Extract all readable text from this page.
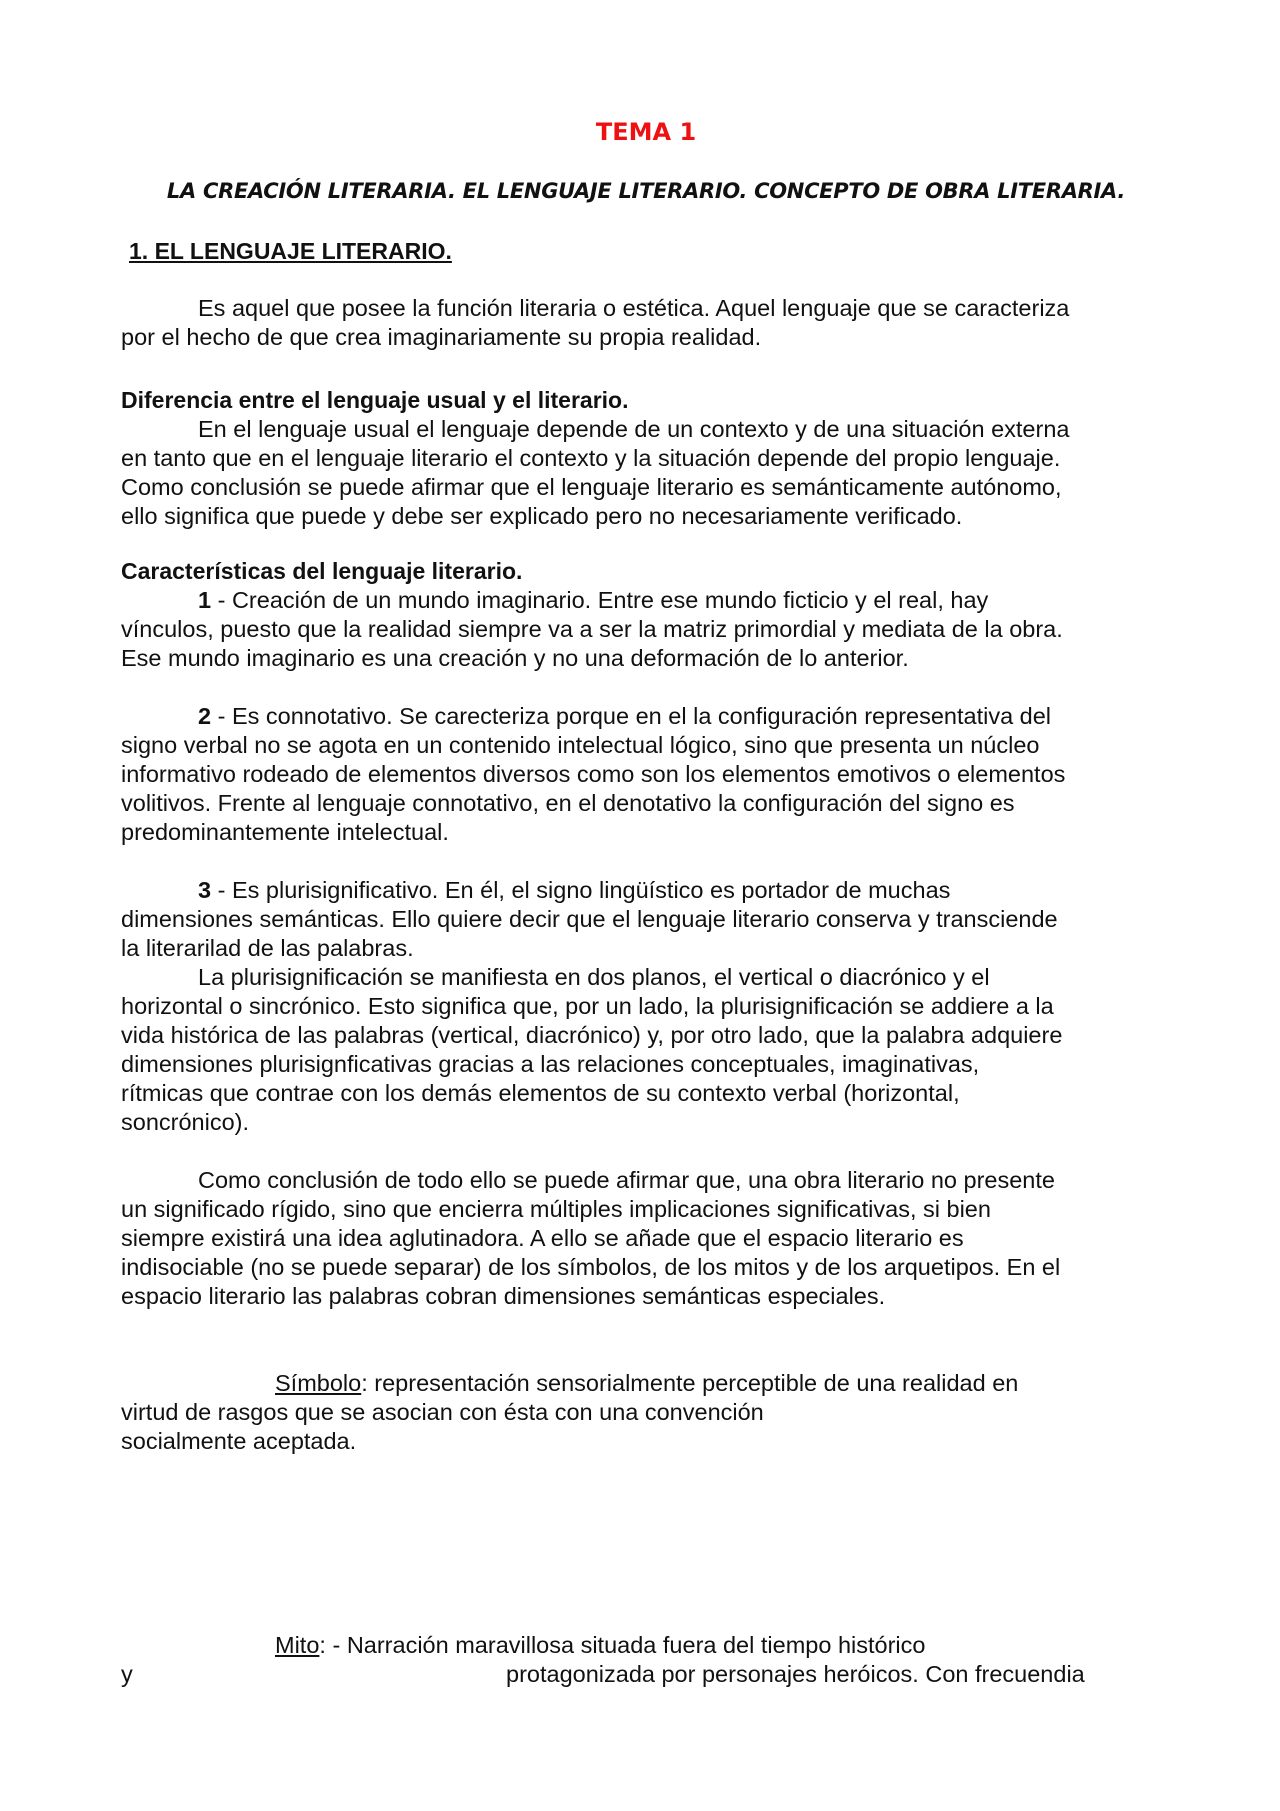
TEMA 1
LA CREACIÓN LITERARIA. EL LENGUAJE LITERARIO. CONCEPTO DE OBRA LITERARIA.
1. EL LENGUAJE LITERARIO.
Es aquel que posee la función literaria o estética. Aquel lenguaje que se caracteriza
por el hecho de que crea imaginariamente su propia realidad.
Diferencia entre el lenguaje usual y el literario.
En el lenguaje usual el lenguaje depende de un contexto y de una situación externa
en tanto que en el lenguaje literario el contexto y la situación depende del propio lenguaje.
Como conclusión se puede afirmar que el lenguaje literario es semánticamente autónomo,
ello significa que puede y debe ser explicado pero no necesariamente verificado.
Características del lenguaje literario.
1 - Creación de un mundo imaginario. Entre ese mundo ficticio y el real, hay
vínculos, puesto que la realidad siempre va a ser la matriz primordial y mediata de la obra.
Ese mundo imaginario es una creación y no una deformación de lo anterior.
2 - Es connotativo. Se carecteriza porque en el la configuración representativa del
signo verbal no se agota en un contenido intelectual lógico, sino que presenta un núcleo
informativo rodeado de elementos diversos como son los elementos emotivos o elementos
volitivos. Frente al lenguaje connotativo, en el denotativo la configuración del signo es
predominantemente intelectual.
3 - Es plurisignificativo. En él, el signo lingüístico es portador de muchas
dimensiones semánticas. Ello quiere decir que el lenguaje literario conserva y transciende
la literarilad de las palabras.
La plurisignificación se manifiesta en dos planos, el vertical o diacrónico y el
horizontal o sincrónico. Esto significa que, por un lado, la plurisignificación se addiere a la
vida histórica de las palabras (vertical, diacrónico) y, por otro lado, que la palabra adquiere
dimensiones plurisignficativas gracias a las relaciones conceptuales, imaginativas,
rítmicas que contrae con los demás elementos de su contexto verbal (horizontal,
soncrónico).
Como conclusión de todo ello se puede afirmar que, una obra literario no presente
un significado rígido, sino que encierra múltiples implicaciones significativas, si bien
siempre existirá una idea aglutinadora. A ello se añade que el espacio literario es
indisociable (no se puede separar) de los símbolos, de los mitos y de los arquetipos. En el
espacio literario las palabras cobran dimensiones semánticas especiales.
Símbolo: representación sensorialmente perceptible de una realidad en
virtud de rasgos que se asocian con ésta con una convención
socialmente aceptada.
Mito: - Narración maravillosa situada fuera del tiempo histórico
y	protagonizada por personajes heróicos. Con frecuendia
